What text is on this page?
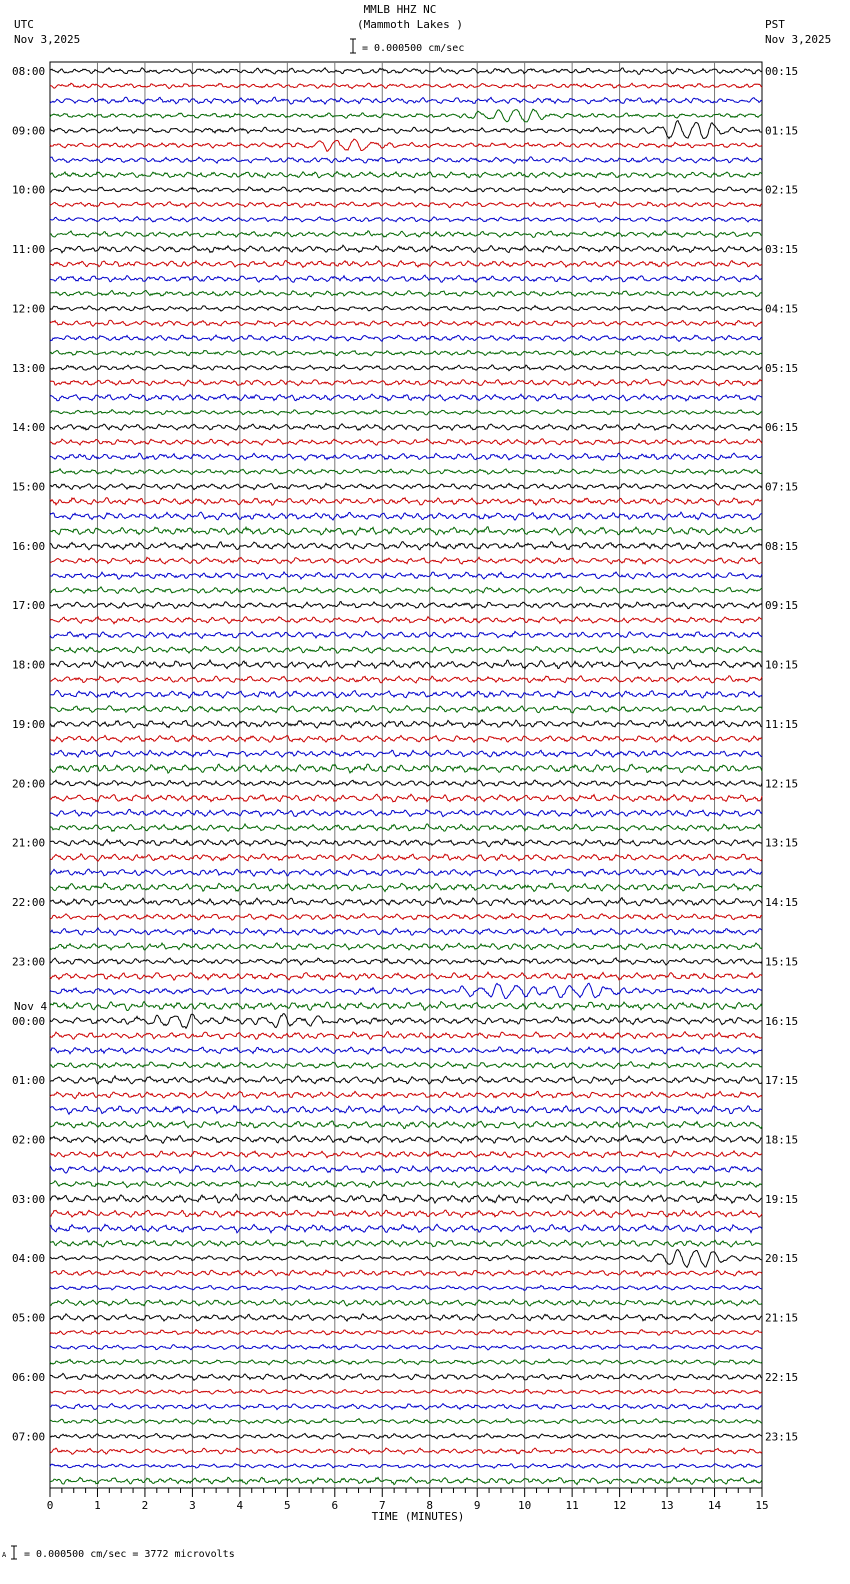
MMLB HHZ NC
(Mammoth Lakes )
UTC
Nov 3,2025
PST
Nov 3,2025
= 0.000500 cm/sec
A = 0.000500 cm/sec = 3772 microvolts
08:00	00:15
09:00	01:15
10:00	02:15
11:00	03:15
12:00	04:15
13:00	05:15
14:00	06:15
15:00	07:15
16:00	08:15
17:00	09:15
18:00	10:15
19:00	11:15
20:00	12:15
21:00	13:15
22:00	14:15
23:00	15:15
00:00	16:15
Nov 4
01:00	17:15
02:00	18:15
03:00	19:15
04:00	20:15
05:00	21:15
06:00	22:15
07:00	23:15
0	1	2	3	4	5	6	7	8	9	10	11	12	13	14	15
TIME (MINUTES)
